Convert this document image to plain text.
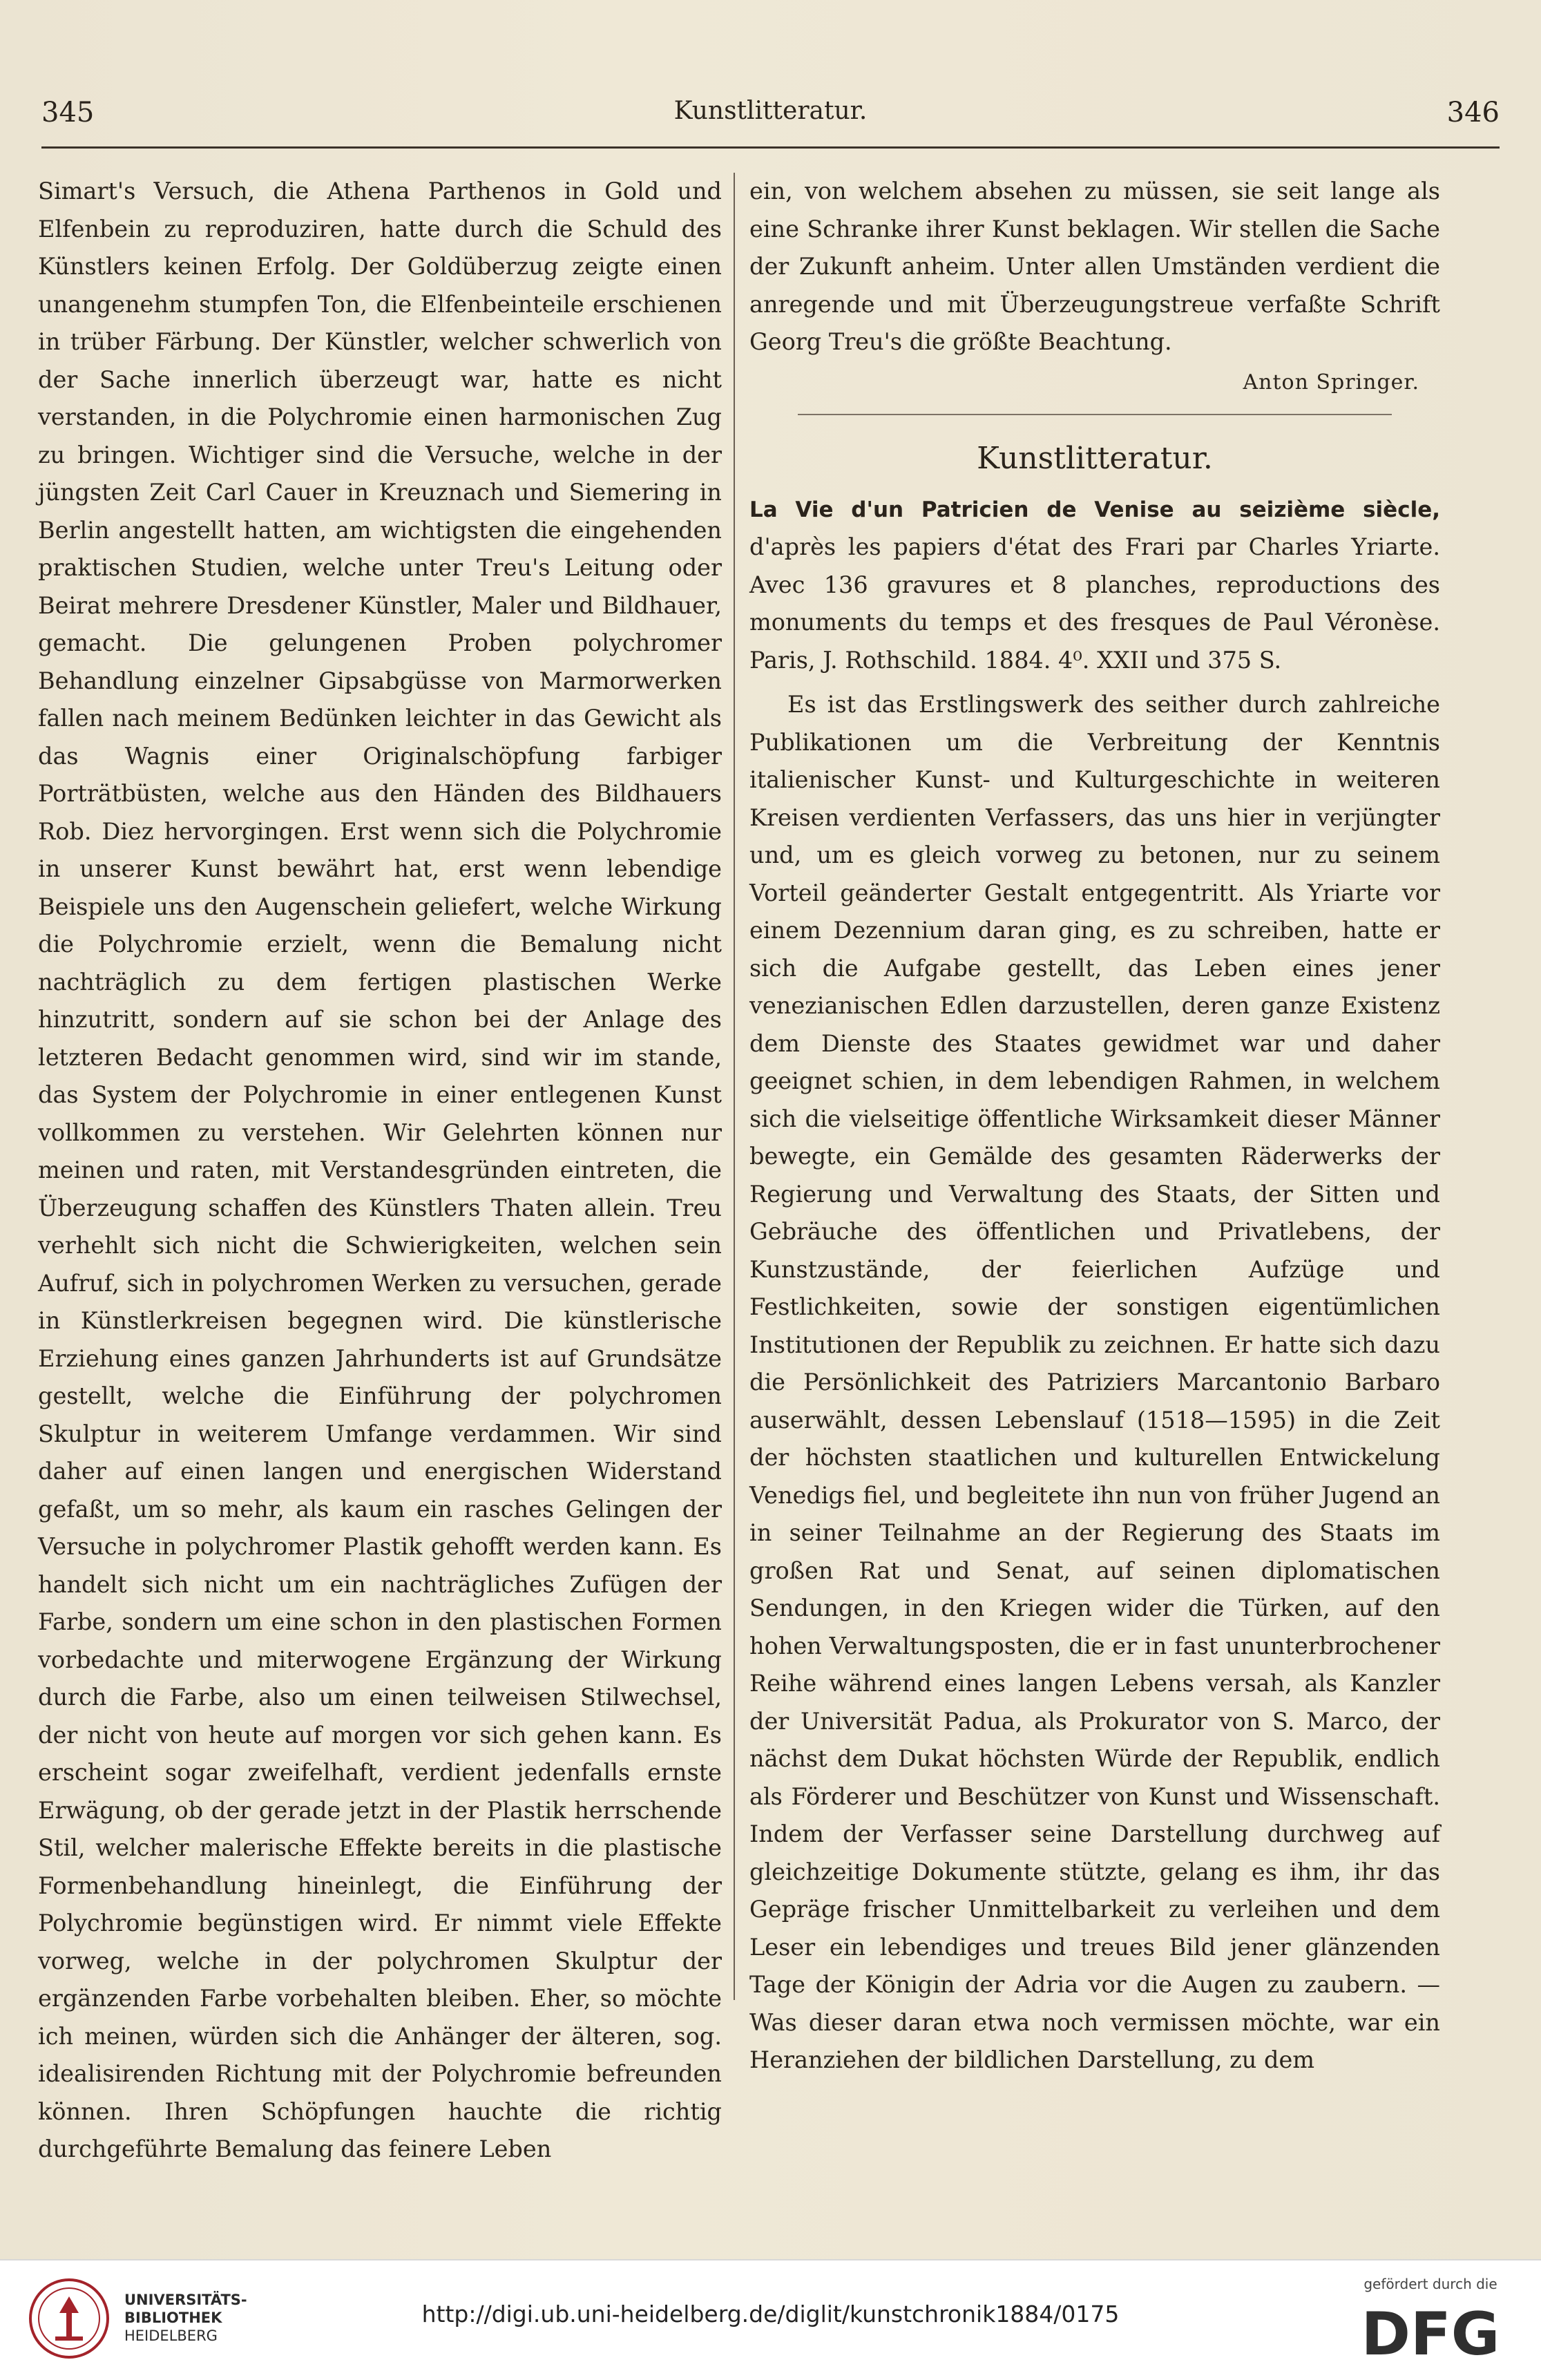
345	Kunstlitteratur.	346

Simart's Versuch, die Athena Parthenos in Gold und Elfenbein zu reproduziren, hatte durch die Schuld des Künstlers keinen Erfolg. Der Goldüberzug zeigte einen unangenehm stumpfen Ton, die Elfenbeinteile erschienen in trüber Färbung. Der Künstler, welcher schwerlich von der Sache innerlich überzeugt war, hatte es nicht verstanden, in die Polychromie einen harmonischen Zug zu bringen. Wichtiger sind die Versuche, welche in der jüngsten Zeit Carl Cauer in Kreuznach und Siemering in Berlin angestellt hatten, am wichtigsten die eingehenden praktischen Studien, welche unter Treu's Leitung oder Beirat mehrere Dresdener Künstler, Maler und Bildhauer, gemacht. Die gelungenen Proben polychromer Behandlung einzelner Gipsabgüsse von Marmorwerken fallen nach meinem Bedünken leichter in das Gewicht als das Wagnis einer Originalschöpfung farbiger Porträtbüsten, welche aus den Händen des Bildhauers Rob. Diez hervorgingen. Erst wenn sich die Polychromie in unserer Kunst bewährt hat, erst wenn lebendige Beispiele uns den Augenschein geliefert, welche Wirkung die Polychromie erzielt, wenn die Bemalung nicht nachträglich zu dem fertigen plastischen Werke hinzutritt, sondern auf sie schon bei der Anlage des letzteren Bedacht genommen wird, sind wir im stande, das System der Polychromie in einer entlegenen Kunst vollkommen zu verstehen. Wir Gelehrten können nur meinen und raten, mit Verstandesgründen eintreten, die Überzeugung schaffen des Künstlers Thaten allein. Treu verhehlt sich nicht die Schwierigkeiten, welchen sein Aufruf, sich in polychromen Werken zu versuchen, gerade in Künstlerkreisen begegnen wird. Die künstlerische Erziehung eines ganzen Jahrhunderts ist auf Grundsätze gestellt, welche die Einführung der polychromen Skulptur in weiterem Umfange verdammen. Wir sind daher auf einen langen und energischen Widerstand gefaßt, um so mehr, als kaum ein rasches Gelingen der Versuche in polychromer Plastik gehofft werden kann. Es handelt sich nicht um ein nachträgliches Zufügen der Farbe, sondern um eine schon in den plastischen Formen vorbedachte und miterwogene Ergänzung der Wirkung durch die Farbe, also um einen teilweisen Stilwechsel, der nicht von heute auf morgen vor sich gehen kann. Es erscheint sogar zweifelhaft, verdient jedenfalls ernste Erwägung, ob der gerade jetzt in der Plastik herrschende Stil, welcher malerische Effekte bereits in die plastische Formenbehandlung hineinlegt, die Einführung der Polychromie begünstigen wird. Er nimmt viele Effekte vorweg, welche in der polychromen Skulptur der ergänzenden Farbe vorbehalten bleiben. Eher, so möchte ich meinen, würden sich die Anhänger der älteren, sog. idealisirenden Richtung mit der Polychromie befreunden können. Ihren Schöpfungen hauchte die richtig durchgeführte Bemalung das feinere Leben

ein, von welchem absehen zu müssen, sie seit lange als eine Schranke ihrer Kunst beklagen. Wir stellen die Sache der Zukunft anheim. Unter allen Umständen verdient die anregende und mit Überzeugungstreue verfaßte Schrift Georg Treu's die größte Beachtung.

Anton Springer.

Kunstlitteratur.

La Vie d'un Patricien de Venise au seizième siècle, d'après les papiers d'état des Frari par Charles Yriarte. Avec 136 gravures et 8 planches, reproductions des monuments du temps et des fresques de Paul Véronèse. Paris, J. Rothschild. 1884. 4⁰. XXII und 375 S.

Es ist das Erstlingswerk des seither durch zahlreiche Publikationen um die Verbreitung der Kenntnis italienischer Kunst- und Kulturgeschichte in weiteren Kreisen verdienten Verfassers, das uns hier in verjüngter und, um es gleich vorweg zu betonen, nur zu seinem Vorteil geänderter Gestalt entgegentritt. Als Yriarte vor einem Dezennium daran ging, es zu schreiben, hatte er sich die Aufgabe gestellt, das Leben eines jener venezianischen Edlen darzustellen, deren ganze Existenz dem Dienste des Staates gewidmet war und daher geeignet schien, in dem lebendigen Rahmen, in welchem sich die vielseitige öffentliche Wirksamkeit dieser Männer bewegte, ein Gemälde des gesamten Räderwerks der Regierung und Verwaltung des Staats, der Sitten und Gebräuche des öffentlichen und Privatlebens, der Kunstzustände, der feierlichen Aufzüge und Festlichkeiten, sowie der sonstigen eigentümlichen Institutionen der Republik zu zeichnen. Er hatte sich dazu die Persönlichkeit des Patriziers Marcantonio Barbaro auserwählt, dessen Lebenslauf (1518—1595) in die Zeit der höchsten staatlichen und kulturellen Entwickelung Venedigs fiel, und begleitete ihn nun von früher Jugend an in seiner Teilnahme an der Regierung des Staats im großen Rat und Senat, auf seinen diplomatischen Sendungen, in den Kriegen wider die Türken, auf den hohen Verwaltungsposten, die er in fast ununterbrochener Reihe während eines langen Lebens versah, als Kanzler der Universität Padua, als Prokurator von S. Marco, der nächst dem Dukat höchsten Würde der Republik, endlich als Förderer und Beschützer von Kunst und Wissenschaft. Indem der Verfasser seine Darstellung durchweg auf gleichzeitige Dokumente stützte, gelang es ihm, ihr das Gepräge frischer Unmittelbarkeit zu verleihen und dem Leser ein lebendiges und treues Bild jener glänzenden Tage der Königin der Adria vor die Augen zu zaubern. — Was dieser daran etwa noch vermissen möchte, war ein Heranziehen der bildlichen Darstellung, zu dem

UNIVERSITÄTS-
BIBLIOTHEK
HEIDELBERG
http://digi.ub.uni-heidelberg.de/diglit/kunstchronik1884/0175
gefördert durch die
DFG
